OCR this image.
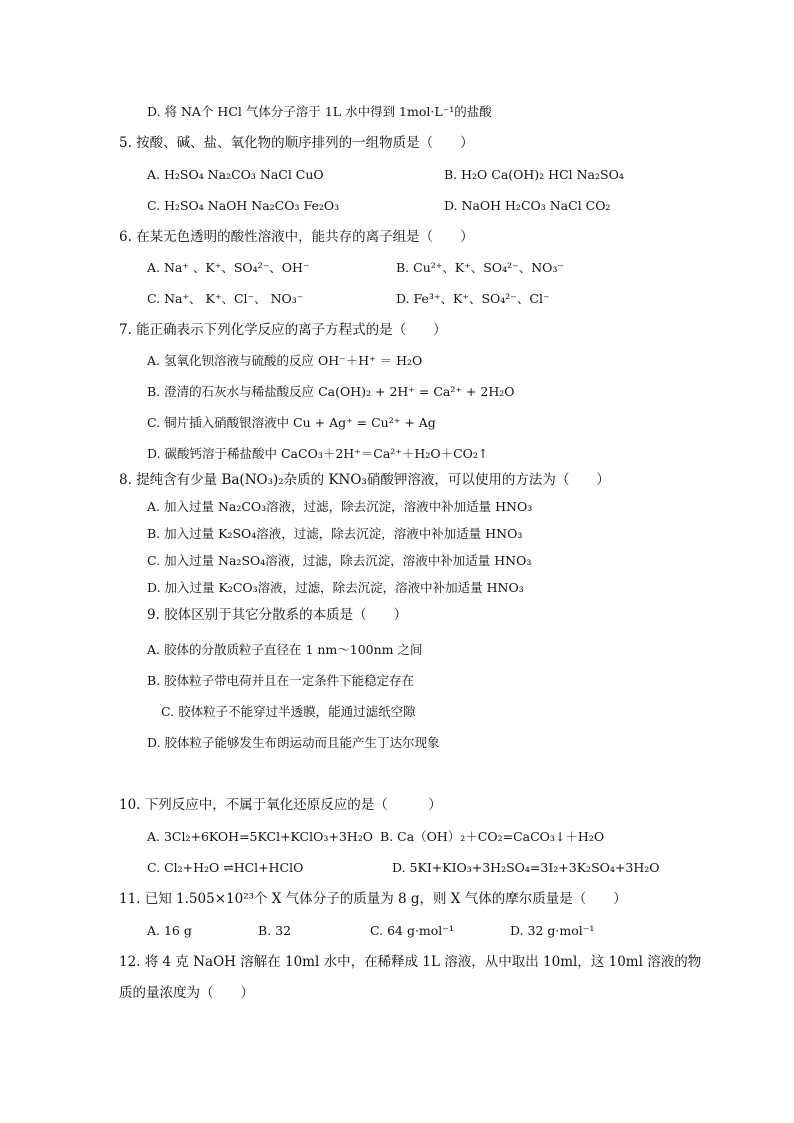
D. 将 NA个 HCl 气体分子溶于 1L 水中得到 1mol·L⁻¹的盐酸
5. 按酸、碱、盐、氧化物的顺序排列的一组物质是（　　）
A. H₂SO₄ Na₂CO₃ NaCl CuO	B. H₂O Ca(OH)₂ HCl Na₂SO₄
C. H₂SO₄ NaOH Na₂CO₃ Fe₂O₃	D. NaOH H₂CO₃ NaCl CO₂
6. 在某无色透明的酸性溶液中，能共存的离子组是（　　）
A. Na⁺ 、K⁺、SO₄²⁻、OH⁻	B. Cu²⁺、K⁺、SO₄²⁻、NO₃⁻
C. Na⁺、 K⁺、Cl⁻、 NO₃⁻	D. Fe³⁺、K⁺、SO₄²⁻、Cl⁻
7. 能正确表示下列化学反应的离子方程式的是（　　）
A. 氢氧化钡溶液与硫酸的反应 OH⁻＋H⁺ ＝ H₂O
B. 澄清的石灰水与稀盐酸反应 Ca(OH)₂ + 2H⁺ = Ca²⁺ + 2H₂O
C. 铜片插入硝酸银溶液中 Cu + Ag⁺ = Cu²⁺ + Ag
D. 碳酸钙溶于稀盐酸中 CaCO₃＋2H⁺＝Ca²⁺＋H₂O＋CO₂↑
8. 提纯含有少量 Ba(NO₃)₂杂质的 KNO₃硝酸钾溶液，可以使用的方法为（　　）
A. 加入过量 Na₂CO₃溶液，过滤，除去沉淀，溶液中补加适量 HNO₃
B. 加入过量 K₂SO₄溶液，过滤，除去沉淀，溶液中补加适量 HNO₃
C. 加入过量 Na₂SO₄溶液，过滤，除去沉淀，溶液中补加适量 HNO₃
D. 加入过量 K₂CO₃溶液，过滤，除去沉淀，溶液中补加适量 HNO₃
9. 胶体区别于其它分散系的本质是（　　）
A. 胶体的分散质粒子直径在 1 nm～100nm 之间
B. 胶体粒子带电荷并且在一定条件下能稳定存在
C. 胶体粒子不能穿过半透膜，能通过滤纸空隙
D. 胶体粒子能够发生布朗运动而且能产生丁达尔现象
10. 下列反应中，不属于氧化还原反应的是（　　　）
A. 3Cl₂+6KOH=5KCl+KClO₃+3H₂O B. Ca（OH）₂＋CO₂=CaCO₃↓＋H₂O
C. Cl₂+H₂O ⇌HCl+HClO	D. 5KI+KIO₃+3H₂SO₄=3I₂+3K₂SO₄+3H₂O
11. 已知 1.505×10²³个 X 气体分子的质量为 8 g，则 X 气体的摩尔质量是（　　）
A. 16 g	B. 32	C. 64 g·mol⁻¹	D. 32 g·mol⁻¹
12. 将 4 克 NaOH 溶解在 10ml 水中，在稀释成 1L 溶液，从中取出 10ml，这 10ml 溶液的物
质的量浓度为（　　）
